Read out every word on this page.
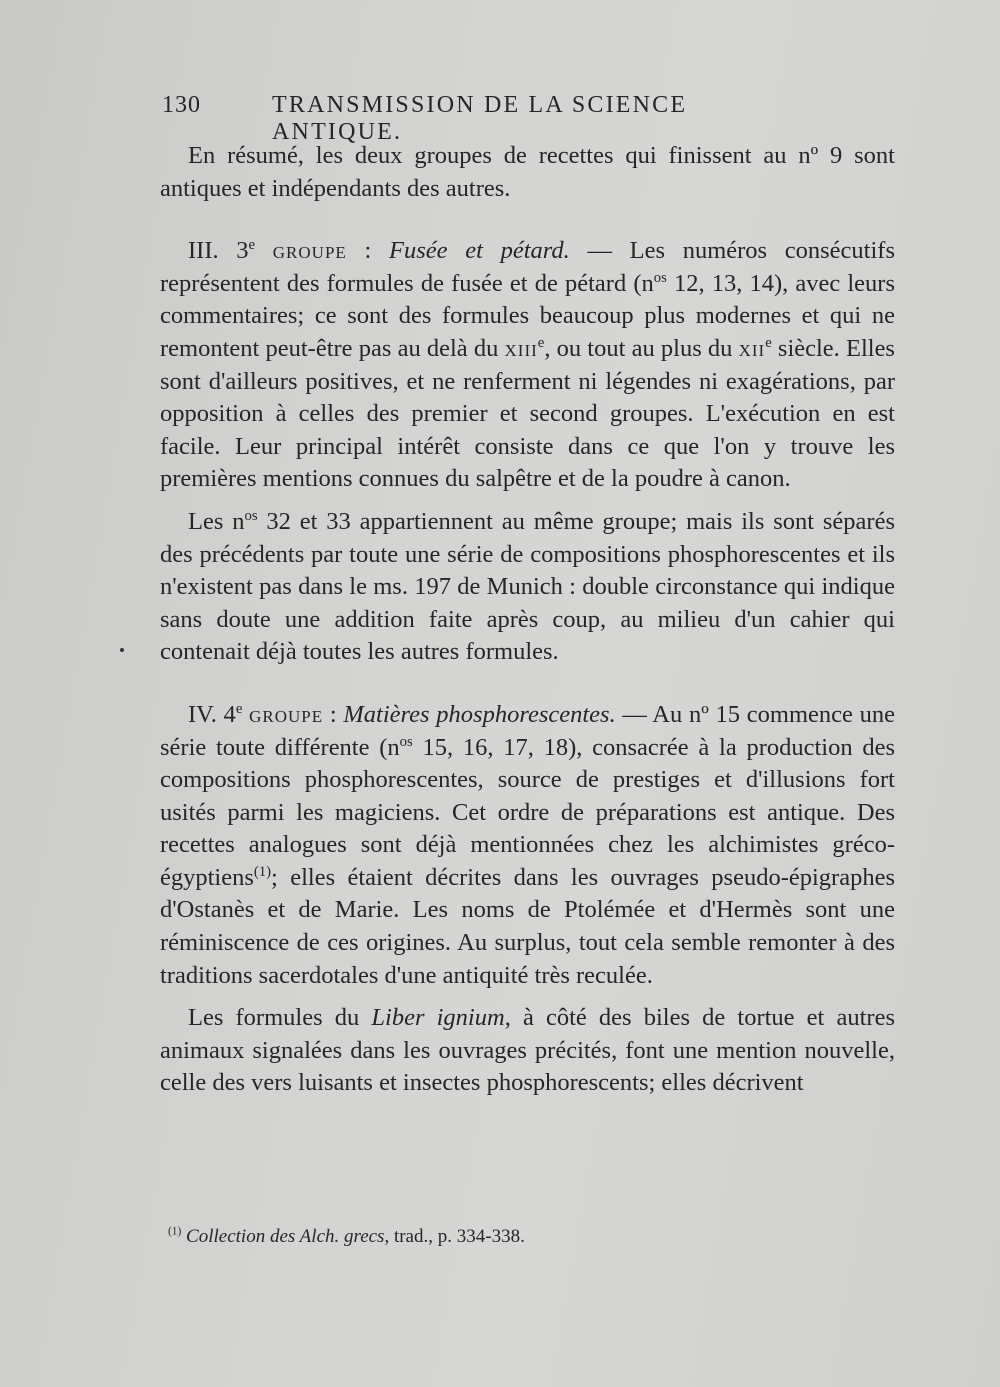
130	TRANSMISSION DE LA SCIENCE ANTIQUE.

En résumé, les deux groupes de recettes qui finissent au nº 9 sont antiques et indépendants des autres.

III. 3e groupe : Fusée et pétard. — Les numéros consécutifs représentent des formules de fusée et de pétard ($n^{os}$ 12, 13, 14), avec leurs commentaires; ce sont des formules beaucoup plus modernes et qui ne remontent peut-être pas au delà du xiii$^e$, ou tout au plus du xii$^e$ siècle. Elles sont d'ailleurs positives, et ne renferment ni légendes ni exagérations, par opposition à celles des premier et second groupes. L'exécution en est facile. Leur principal intérêt consiste dans ce que l'on y trouve les premières mentions connues du salpêtre et de la poudre à canon.

Les $n^{os}$ 32 et 33 appartiennent au même groupe; mais ils sont séparés des précédents par toute une série de compositions phosphorescentes et ils n'existent pas dans le ms. 197 de Munich : double circonstance qui indique sans doute une addition faite après coup, au milieu d'un cahier qui contenait déjà toutes les autres formules.

IV. 4e groupe : Matières phosphorescentes. — Au nº 15 commence une série toute différente ($n^{os}$ 15, 16, 17, 18), consacrée à la production des compositions phosphorescentes, source de prestiges et d'illusions fort usités parmi les magiciens. Cet ordre de préparations est antique. Des recettes analogues sont déjà mentionnées chez les alchimistes gréco-égyptiens$^{(1)}$; elles étaient décrites dans les ouvrages pseudo-épigraphes d'Ostanès et de Marie. Les noms de Ptolémée et d'Hermès sont une réminiscence de ces origines. Au surplus, tout cela semble remonter à des traditions sacerdotales d'une antiquité très reculée.

Les formules du Liber ignium, à côté des biles de tortue et autres animaux signalées dans les ouvrages précités, font une mention nouvelle, celle des vers luisants et insectes phosphorescents; elles décrivent

$^{(1)}$ Collection des Alch. grecs, trad., p. 334-338.
